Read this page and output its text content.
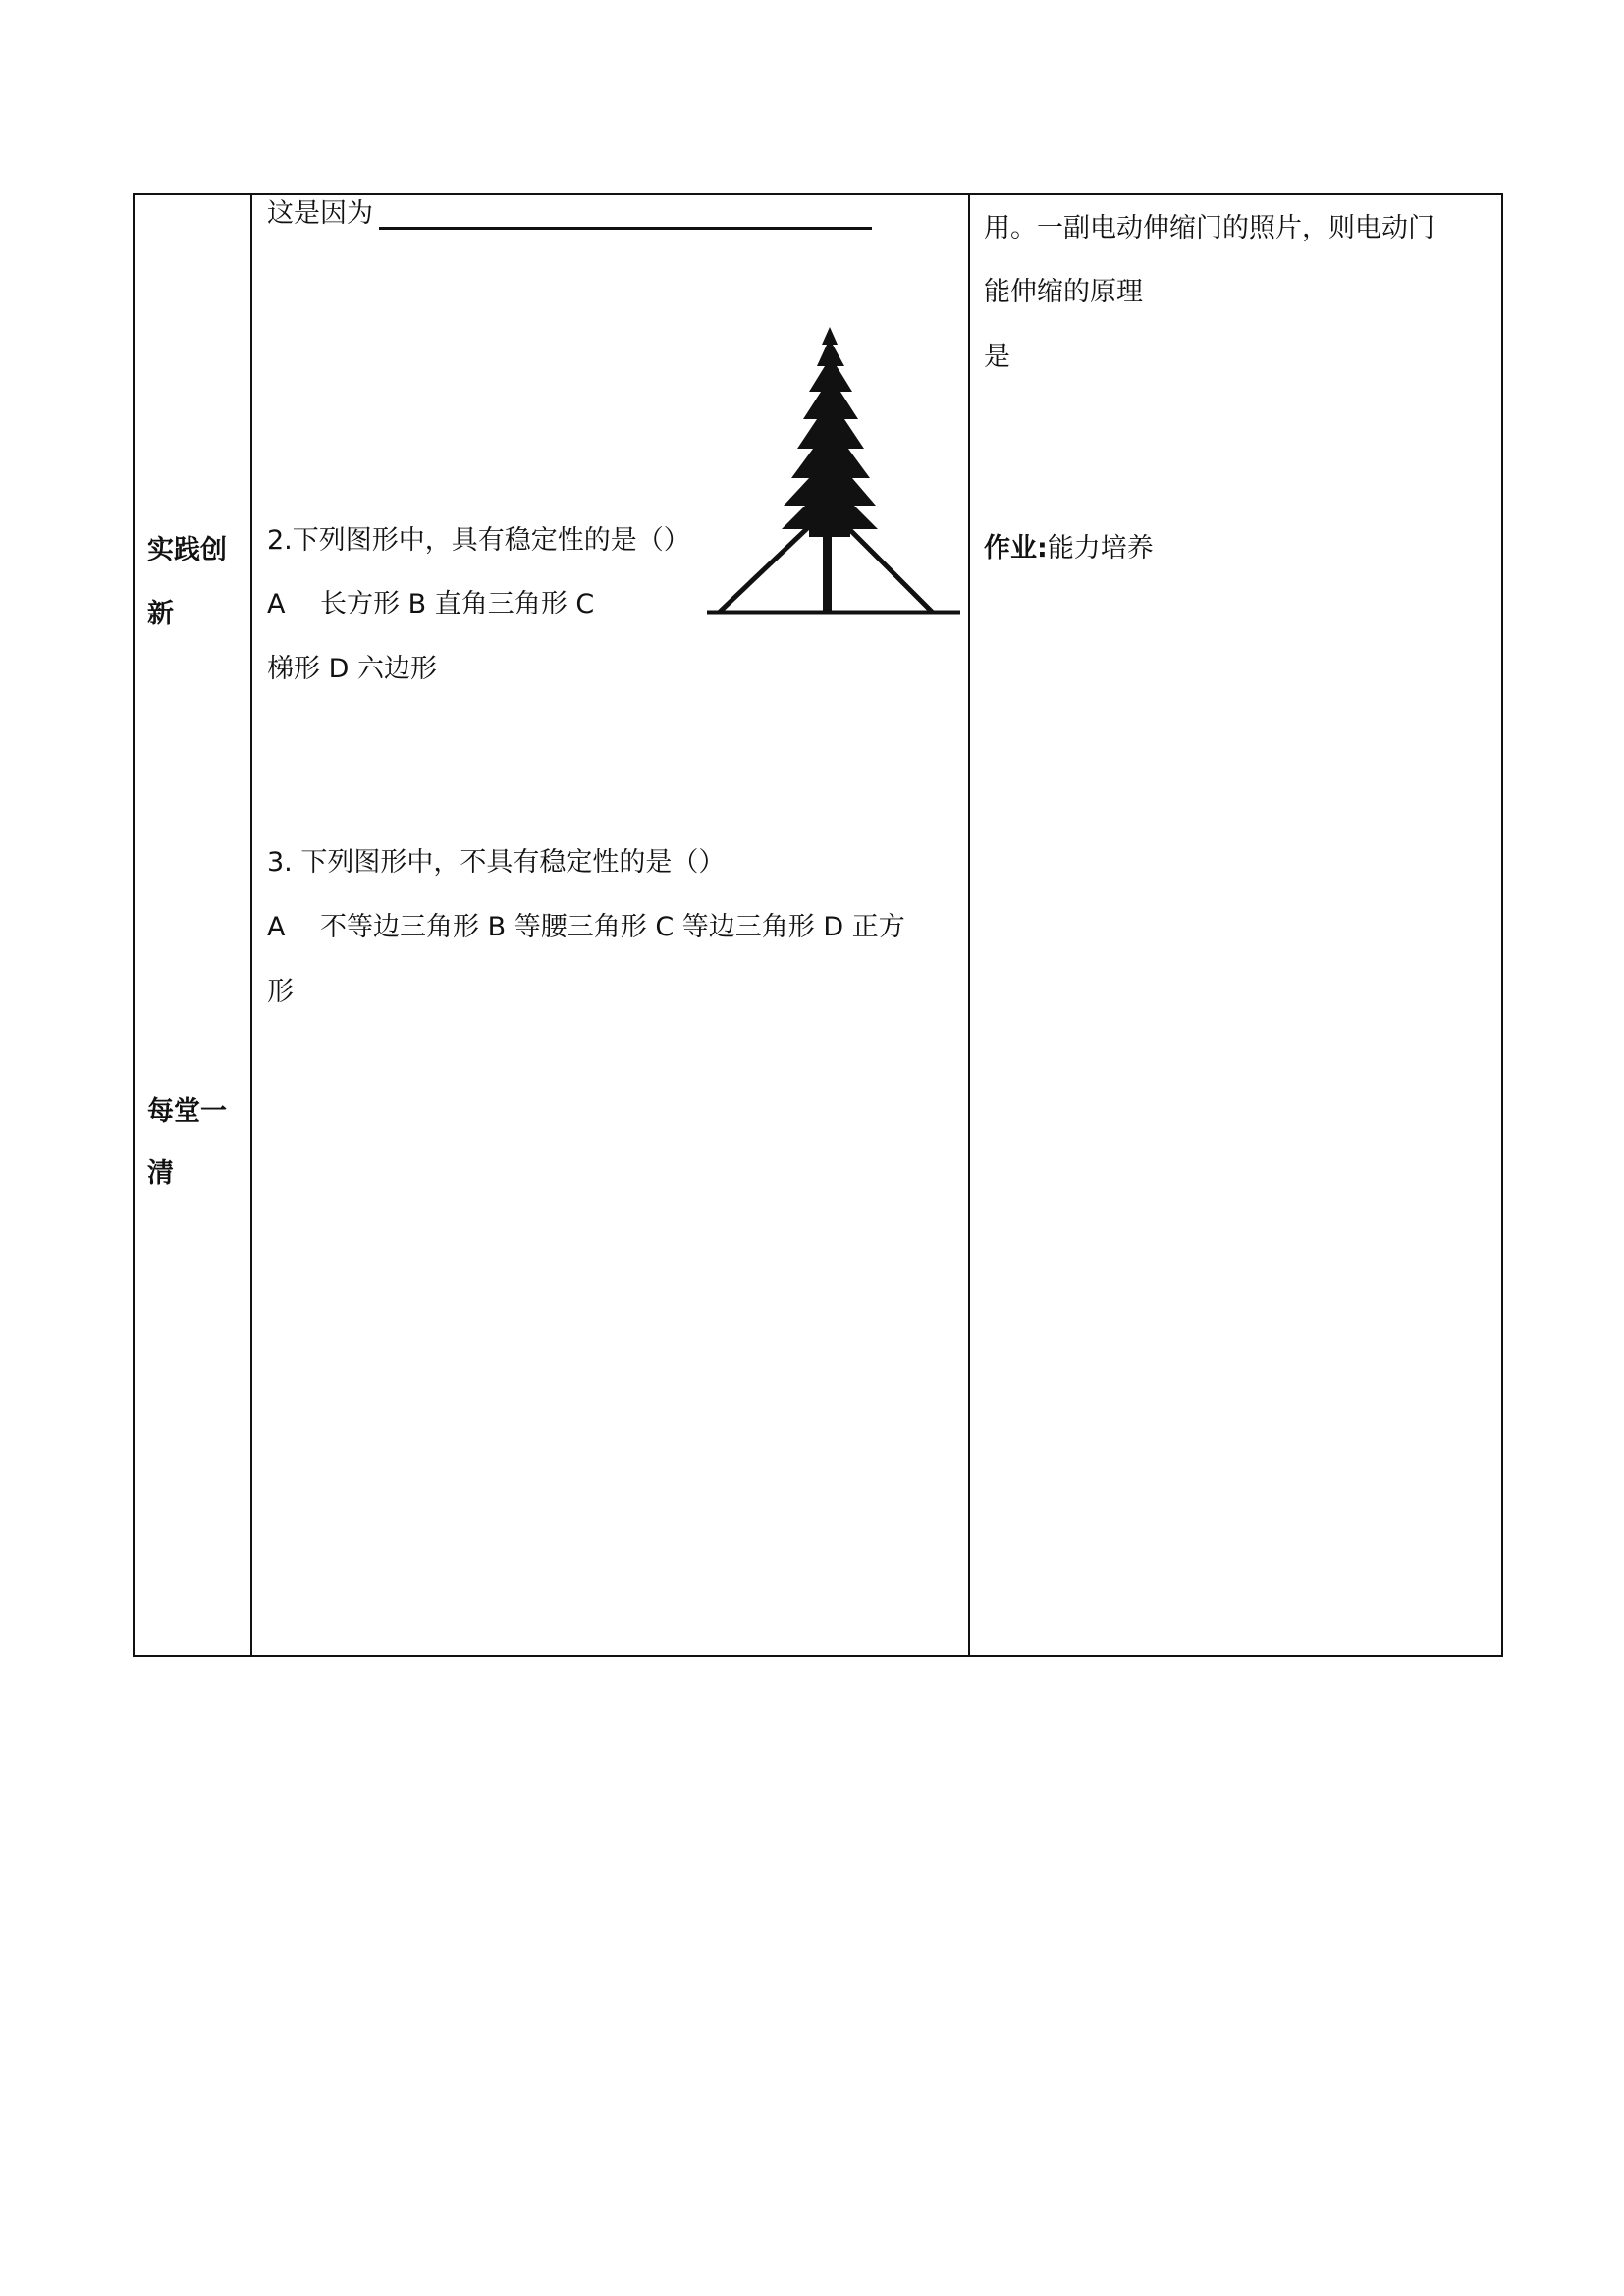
实践创
新
每堂一
清
这是因为
2.下列图形中，具有稳定性的是（）
A　 长方形 B 直角三角形 C
梯形 D 六边形
3. 下列图形中，不具有稳定性的是（）
A　 不等边三角形 B 等腰三角形 C 等边三角形 D 正方
形
用。一副电动伸缩门的照片，则电动门
能伸缩的原理
是
作业:能力培养
